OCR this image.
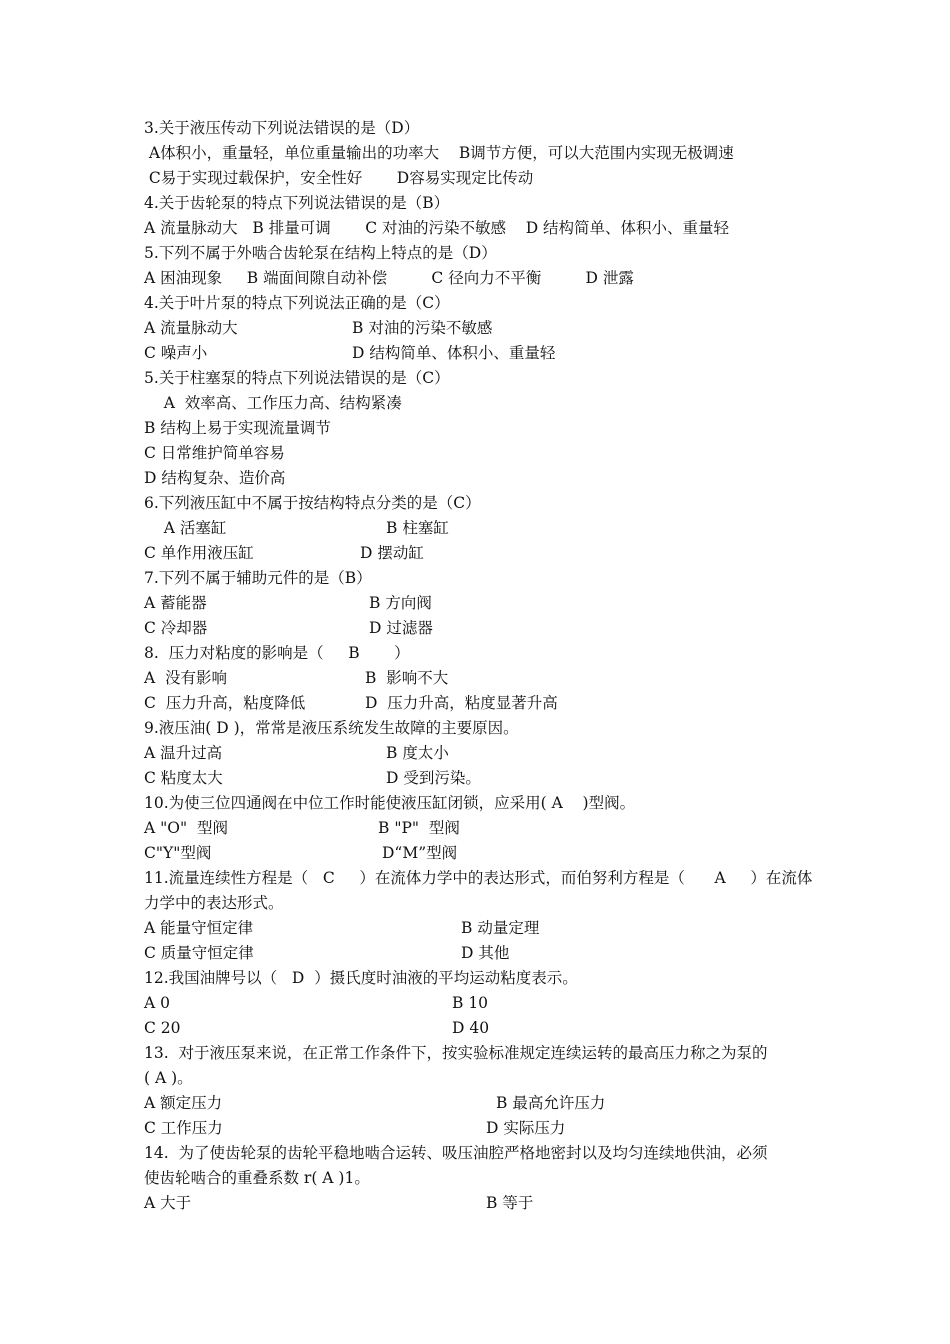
3.关于液压传动下列说法错误的是（D）
A体积小，重量轻，单位重量输出的功率大    B调节方便，可以大范围内实现无极调速
C易于实现过载保护，安全性好       D容易实现定比传动
4.关于齿轮泵的特点下列说法错误的是（B）
A 流量脉动大   B 排量可调       C 对油的污染不敏感    D 结构简单、体积小、重量轻
5.下列不属于外啮合齿轮泵在结构上特点的是（D）
A 困油现象     B 端面间隙自动补偿         C 径向力不平衡         D 泄露
4.关于叶片泵的特点下列说法正确的是（C）
A 流量脉动大	B 对油的污染不敏感
C 噪声小	D 结构简单、体积小、重量轻
5.关于柱塞泵的特点下列说法错误的是（C）
A  效率高、工作压力高、结构紧凑
B 结构上易于实现流量调节
C 日常维护简单容易
D 结构复杂、造价高
6.下列液压缸中不属于按结构特点分类的是（C）
A 活塞缸	B 柱塞缸
C 单作用液压缸	D 摆动缸
7.下列不属于辅助元件的是（B）
A 蓄能器	B 方向阀
C 冷却器	D 过滤器
8.  压力对粘度的影响是（     B       ）
A  没有影响	B  影响不大
C  压力升高，粘度降低	D  压力升高，粘度显著升高
9.液压油( D )，常常是液压系统发生故障的主要原因。
A 温升过高	B 度太小
C 粘度太大	D 受到污染。
10.为使三位四通阀在中位工作时能使液压缸闭锁，应采用( A    )型阀。
A "O"  型阀	B "P"  型阀
C"Y"型阀	D“M”型阀
11.流量连续性方程是（   C     ）在流体力学中的表达形式，而伯努利方程是（      A     ）在流体
力学中的表达形式。
A 能量守恒定律	B 动量定理
C 质量守恒定律	D 其他
12.我国油牌号以（   D  ）摄氏度时油液的平均运动粘度表示。
A 0	B 10
C 20	D 40
13.  对于液压泵来说，在正常工作条件下，按实验标准规定连续运转的最高压力称之为泵的
( A )。
A 额定压力	B 最高允许压力
C 工作压力	D 实际压力
14.  为了使齿轮泵的齿轮平稳地啮合运转、吸压油腔严格地密封以及均匀连续地供油，必须
使齿轮啮合的重叠系数 r( A )1。
A 大于	B 等于
